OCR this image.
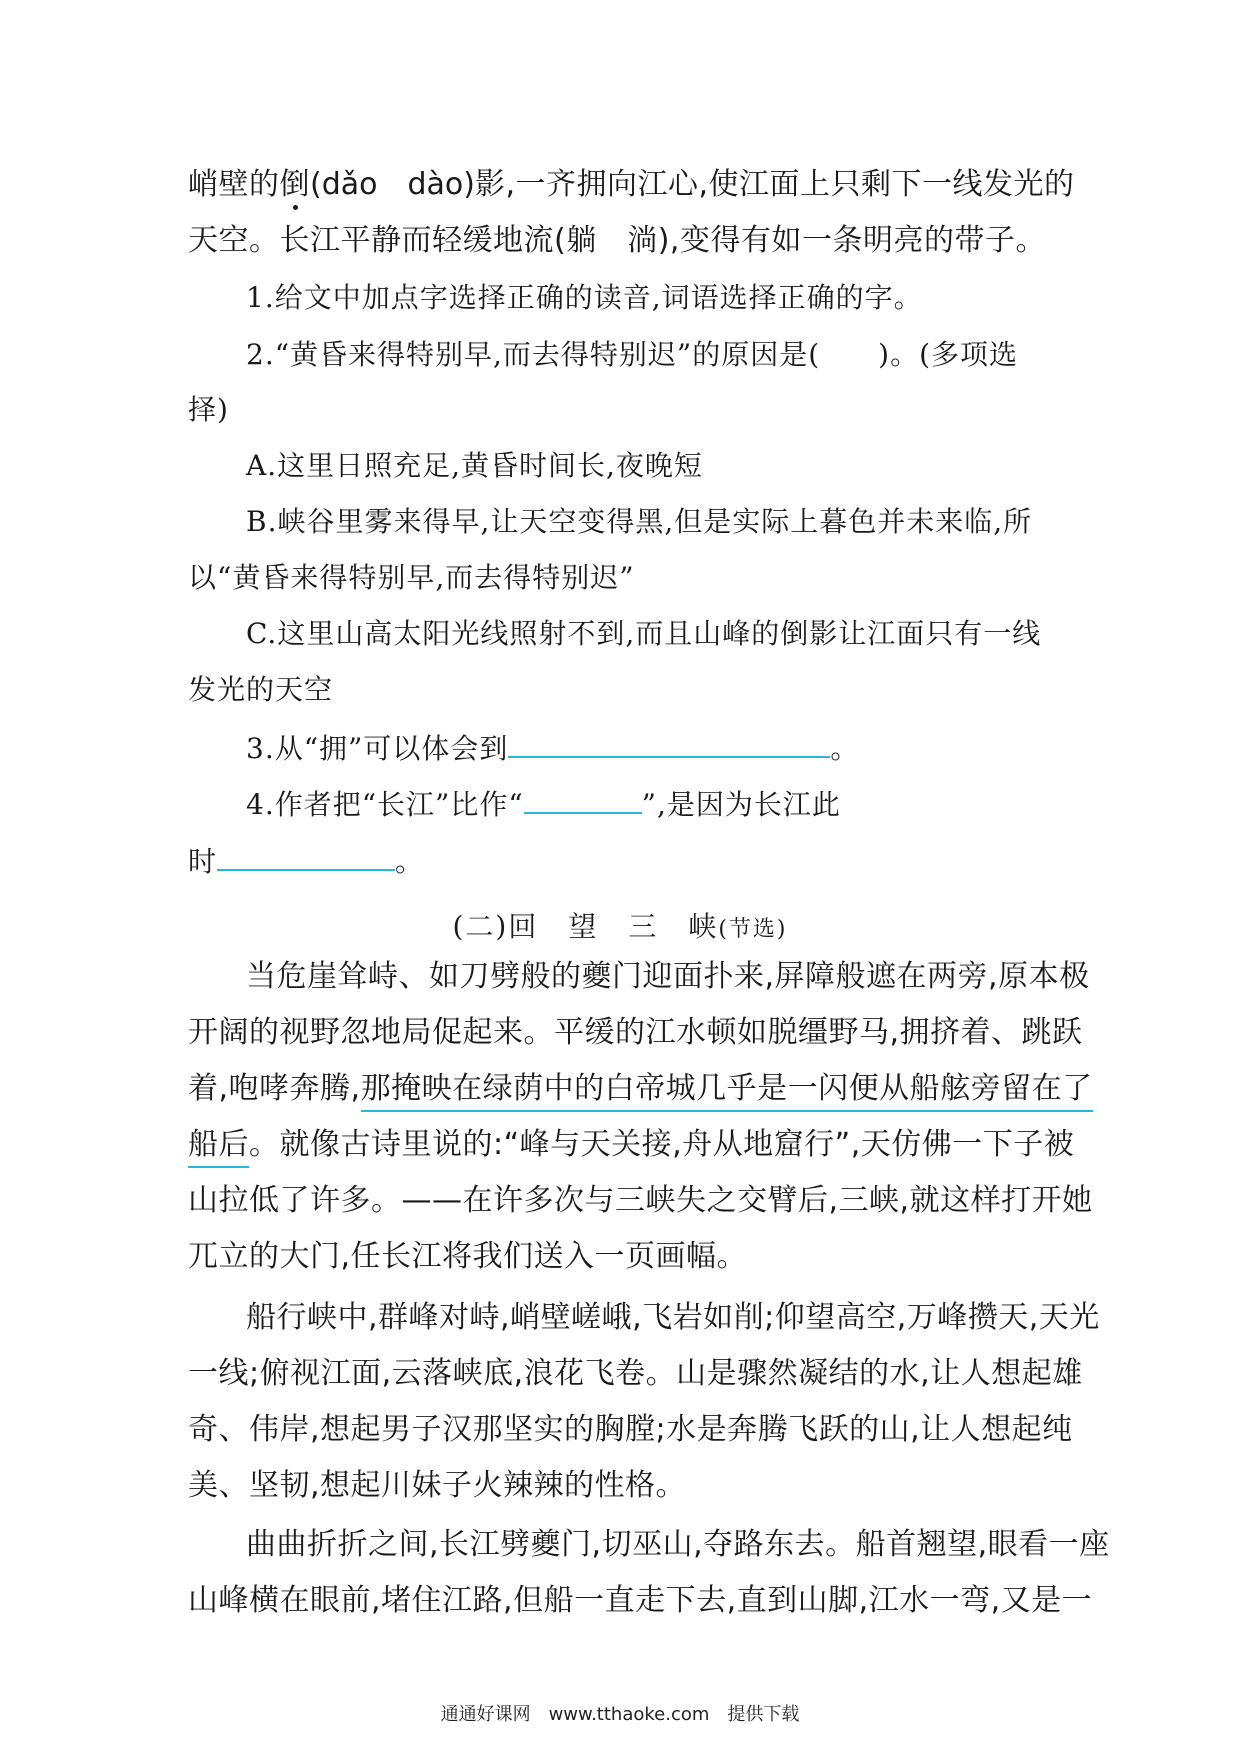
峭壁的倒(dǎo　dào)影,一齐拥向江心,使江面上只剩下一线发光的
天空。长江平静而轻缓地流(躺　淌),变得有如一条明亮的带子。
1.给文中加点字选择正确的读音,词语选择正确的字。
2.“黄昏来得特别早,而去得特别迟”的原因是(　　)。(多项选
择)
A.这里日照充足,黄昏时间长,夜晚短
B.峡谷里雾来得早,让天空变得黑,但是实际上暮色并未来临,所
以“黄昏来得特别早,而去得特别迟”
C.这里山高太阳光线照射不到,而且山峰的倒影让江面只有一线
发光的天空
3.从“拥”可以体会到	。
4.作者把“长江”比作“	”,是因为长江此
时	。
(二)回　望　三　峡(节选)
当危崖耸峙、如刀劈般的夔门迎面扑来,屏障般遮在两旁,原本极
开阔的视野忽地局促起来。平缓的江水顿如脱缰野马,拥挤着、跳跃
着,咆哮奔腾,那掩映在绿荫中的白帝城几乎是一闪便从船舷旁留在了
船后。就像古诗里说的:“峰与天关接,舟从地窟行”,天仿佛一下子被
山拉低了许多。——在许多次与三峡失之交臂后,三峡,就这样打开她
兀立的大门,任长江将我们送入一页画幅。
船行峡中,群峰对峙,峭壁嵯峨,飞岩如削;仰望高空,万峰攒天,天光
一线;俯视江面,云落峡底,浪花飞卷。山是骤然凝结的水,让人想起雄
奇、伟岸,想起男子汉那坚实的胸膛;水是奔腾飞跃的山,让人想起纯
美、坚韧,想起川妹子火辣辣的性格。
曲曲折折之间,长江劈夔门,切巫山,夺路东去。船首翘望,眼看一座
山峰横在眼前,堵住江路,但船一直走下去,直到山脚,江水一弯,又是一
通通好课网　www.tthaoke.com　提供下载
